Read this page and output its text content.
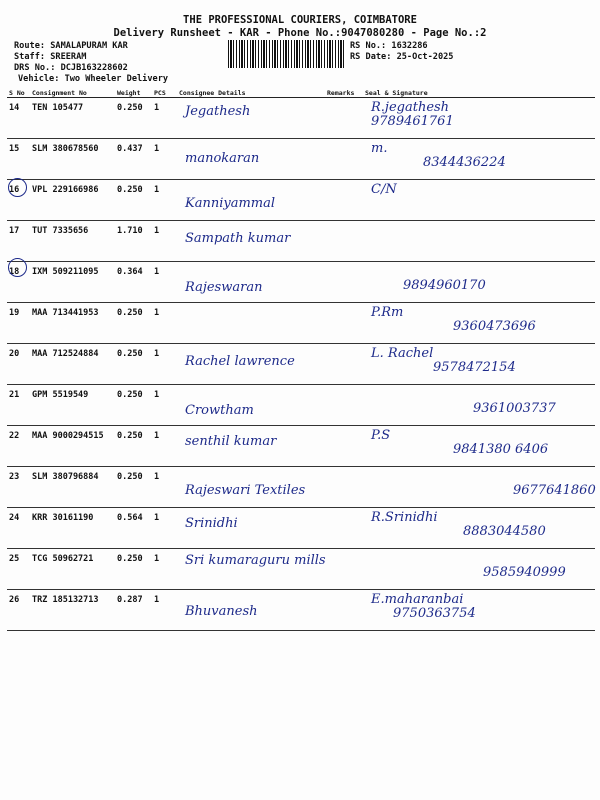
THE PROFESSIONAL COURIERS, COIMBATORE
Delivery Runsheet - KAR - Phone No.:9047080280 - Page No.:2
Route: SAMALAPURAM KAR
Staff: SREERAM
DRS No.: DCJB163228602
Vehicle: Two Wheeler Delivery
RS No.: 1632286
RS Date: 25-Oct-2025
S No	Consignment No	Weight	PCS	Consignee Details	Remarks	Seal & Signature
14	TEN 105477	0.250	1	Jegathesh		R.jegathesh
9789461761

15	SLM 380678560	0.437	1	manokaran		m.
8344436224

16	VPL 229166986	0.250	1	Kanniyammal		C/N

17	TUT 7335656	1.710	1	Sampath kumar		

18	IXM 509211095	0.364	1	Rajeswaran		9894960170

19	MAA 713441953	0.250	1			P.Rm
9360473696

20	MAA 712524884	0.250	1	Rachel lawrence		L. Rachel
9578472154

21	GPM 5519549	0.250	1	Crowtham		9361003737

22	MAA 9000294515	0.250	1	senthil kumar		P.S
9841380 6406

23	SLM 380796884	0.250	1	Rajeswari Textiles		9677641860

24	KRR 30161190	0.564	1	Srinidhi		R.Srinidhi
8883044580

25	TCG 50962721	0.250	1	Sri kumaraguru mills		9585940999

26	TRZ 185132713	0.287	1	Bhuvanesh		E.maharanbai
9750363754
